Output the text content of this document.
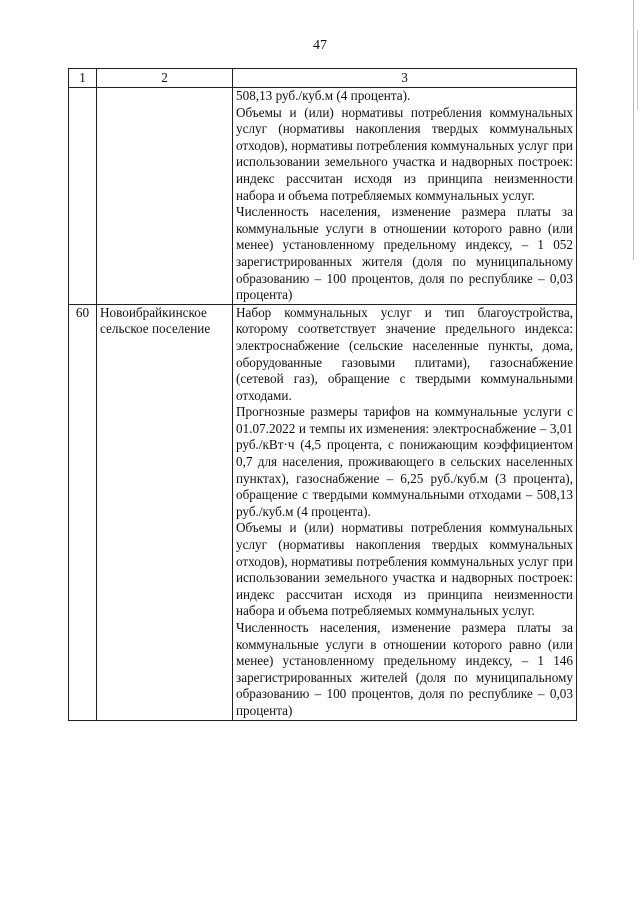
47
1	2	3

		508,13 руб./куб.м (4 процента).

Объемы и (или) нормативы потребления коммунальных услуг (нормативы накопления твердых коммунальных отходов), нормативы потребления коммунальных услуг при использовании земельного участка и надворных построек: индекс рассчитан исходя из принципа неизменности набора и объема потребляемых коммунальных услуг.

Численность населения, изменение размера платы за коммунальные услуги в отношении которого равно (или менее) установленному предельному индексу, – 1 052 зарегистрированных жителя (доля по муниципальному образованию – 100 процентов, доля по республике – 0,03 процента)

60	Новоибрайкинское сельское поселение	Набор коммунальных услуг и тип благоустройства, которому соответствует значение предельного индекса: электроснабжение (сельские населенные пункты, дома, оборудованные газовыми плитами), газоснабжение (сетевой газ), обращение с твердыми коммунальными отходами.

Прогнозные размеры тарифов на коммунальные услуги с 01.07.2022 и темпы их изменения: электроснабжение – 3,01 руб./кВт·ч (4,5 процента, с понижающим коэффициентом 0,7 для населения, проживающего в сельских населенных пунктах), газоснабжение – 6,25 руб./куб.м (3 процента), обращение с твердыми коммунальными отходами – 508,13 руб./куб.м (4 процента).

Объемы и (или) нормативы потребления коммунальных услуг (нормативы накопления твердых коммунальных отходов), нормативы потребления коммунальных услуг при использовании земельного участка и надворных построек: индекс рассчитан исходя из принципа неизменности набора и объема потребляемых коммунальных услуг.

Численность населения, изменение размера платы за коммунальные услуги в отношении которого равно (или менее) установленному предельному индексу, – 1 146 зарегистрированных жителей (доля по муниципальному образованию – 100 процентов, доля по республике – 0,03 процента)
